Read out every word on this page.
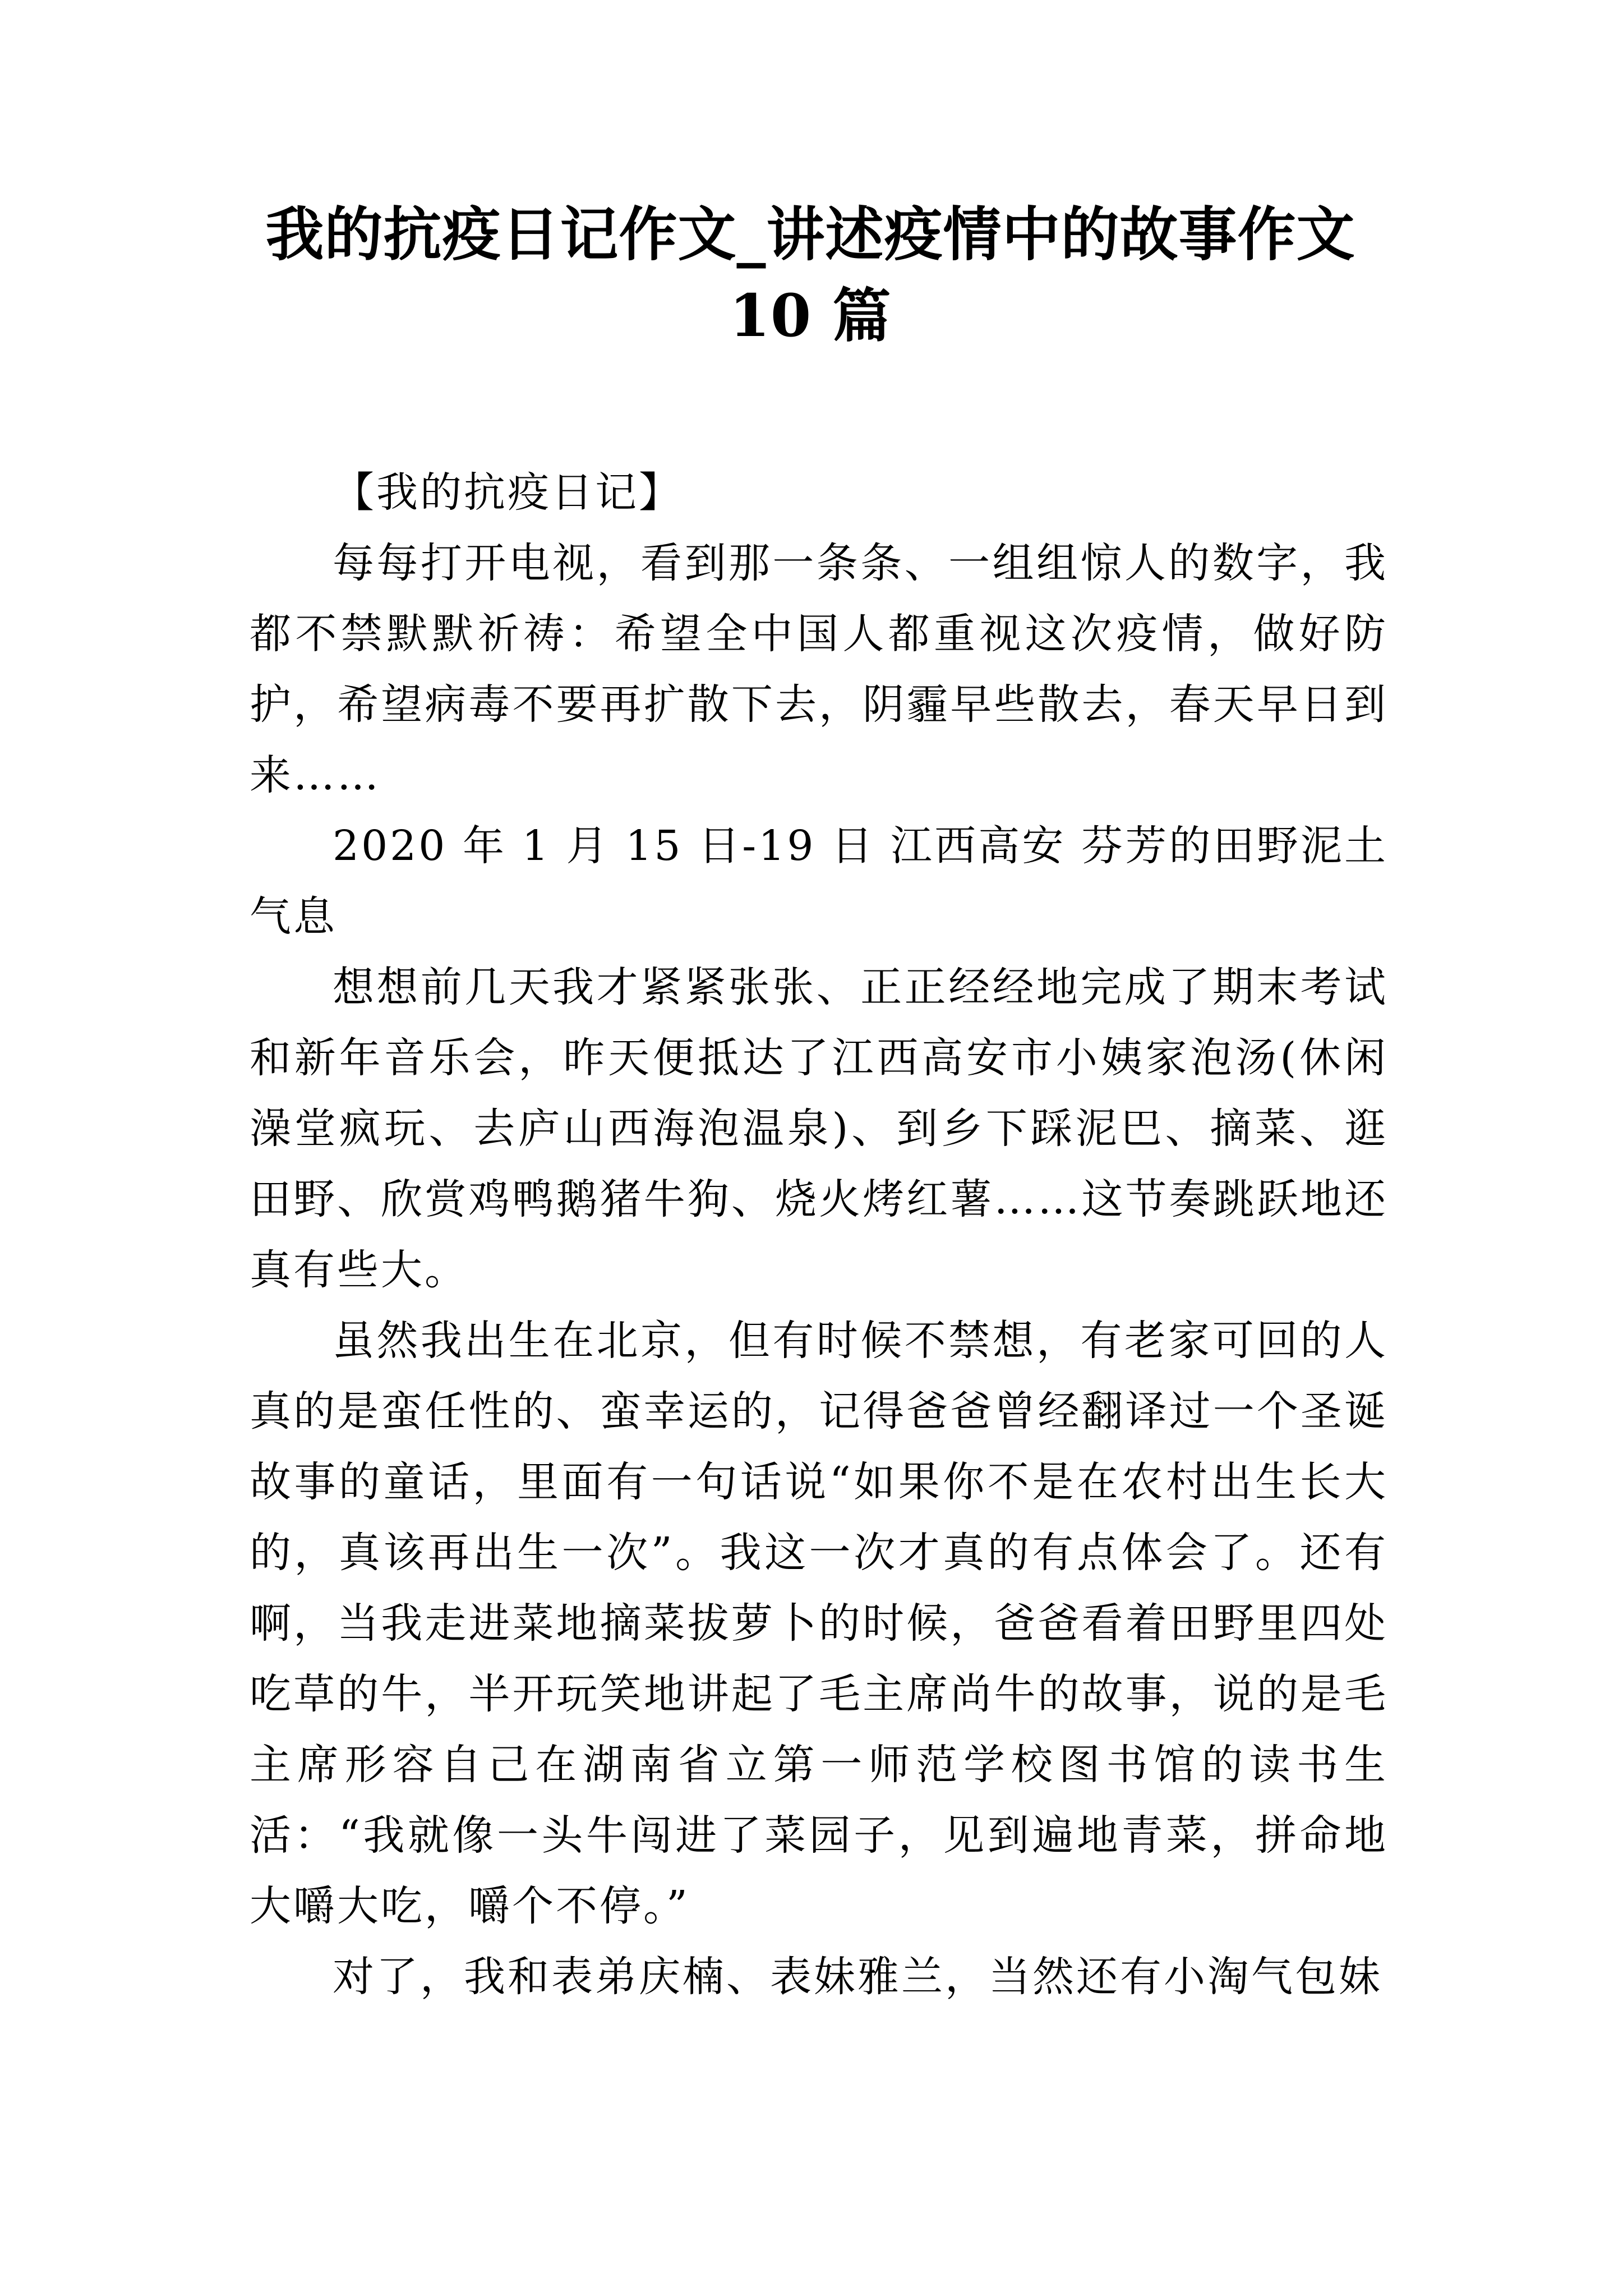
我的抗疫日记作文_讲述疫情中的故事作文
10 篇

【我的抗疫日记】

每每打开电视，看到那一条条、一组组惊人的数字，我都不禁默默祈祷：希望全中国人都重视这次疫情，做好防护，希望病毒不要再扩散下去，阴霾早些散去，春天早日到来……

2020 年 1 月 15 日-19 日 江西高安 芬芳的田野泥土气息

想想前几天我才紧紧张张、正正经经地完成了期末考试和新年音乐会，昨天便抵达了江西高安市小姨家泡汤(休闲澡堂疯玩、去庐山西海泡温泉)、到乡下踩泥巴、摘菜、逛田野、欣赏鸡鸭鹅猪牛狗、烧火烤红薯……这节奏跳跃地还真有些大。

虽然我出生在北京，但有时候不禁想，有老家可回的人真的是蛮任性的、蛮幸运的，记得爸爸曾经翻译过一个圣诞故事的童话，里面有一句话说“如果你不是在农村出生长大的，真该再出生一次”。我这一次才真的有点体会了。还有啊，当我走进菜地摘菜拔萝卜的时候，爸爸看着田野里四处吃草的牛，半开玩笑地讲起了毛主席尚牛的故事，说的是毛主席形容自己在湖南省立第一师范学校图书馆的读书生活：“我就像一头牛闯进了菜园子，见到遍地青菜，拼命地大嚼大吃，嚼个不停。”

对了，我和表弟庆楠、表妹雅兰，当然还有小淘气包妹
